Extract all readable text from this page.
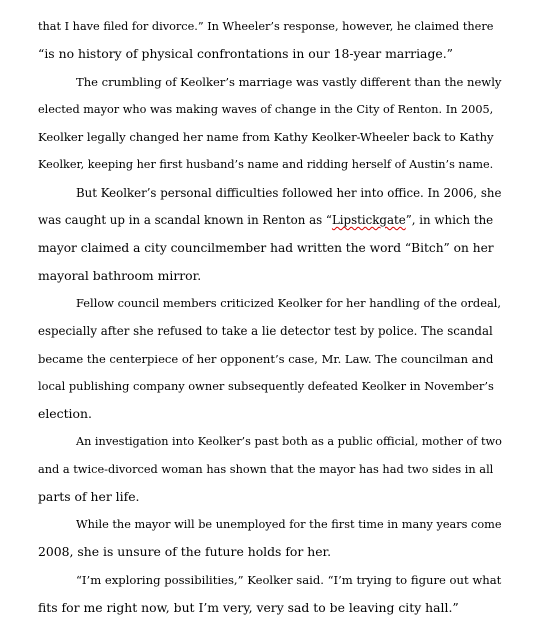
that I have filed for divorce.” In Wheeler’s response, however, he claimed there
“is no history of physical confrontations in our 18-year marriage.”
The crumbling of Keolker’s marriage was vastly different than the newly
elected mayor who was making waves of change in the City of Renton. In 2005,
Keolker legally changed her name from Kathy Keolker-Wheeler back to Kathy
Keolker, keeping her first husband’s name and ridding herself of Austin’s name.
But Keolker’s personal difficulties followed her into office. In 2006, she
was caught up in a scandal known in Renton as “Lipstickgate”, in which the
mayor claimed a city councilmember had written the word “Bitch” on her
mayoral bathroom mirror.
Fellow council members criticized Keolker for her handling of the ordeal,
especially after she refused to take a lie detector test by police. The scandal
became the centerpiece of her opponent’s case, Mr. Law. The councilman and
local publishing company owner subsequently defeated Keolker in November’s
election.
An investigation into Keolker’s past both as a public official, mother of two
and a twice-divorced woman has shown that the mayor has had two sides in all
parts of her life.
While the mayor will be unemployed for the first time in many years come
2008, she is unsure of the future holds for her.
“I’m exploring possibilities,” Keolker said. “I’m trying to figure out what
fits for me right now, but I’m very, very sad to be leaving city hall.”
